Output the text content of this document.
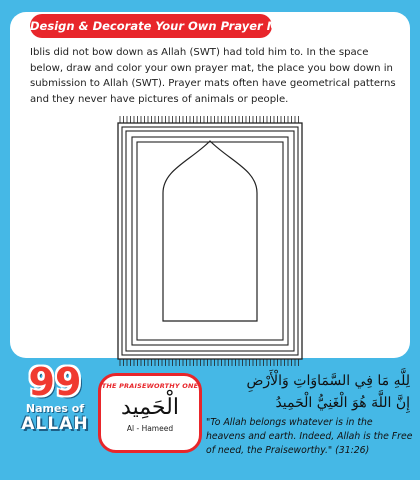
Design & Decorate Your Own Prayer Mat

Iblis did not bow down as Allah (SWT) had told him to. In the space below, draw and color your own prayer mat, the place you bow down in submission to Allah (SWT). Prayer mats often have geometrical patterns and they never have pictures of animals or people.

99
Names of
ALLAH
THE PRAISEWORTHY ONE
الْحَمِيد
Al - Hameed
لِلَّهِ مَا فِي السَّمَاوَاتِ وَالْأَرْضِ
إِنَّ اللَّهَ هُوَ الْغَنِيُّ الْحَمِيدُ

"To Allah belongs whatever is in the heavens and earth. Indeed, Allah is the Free of need, the Praiseworthy." (31:26)
